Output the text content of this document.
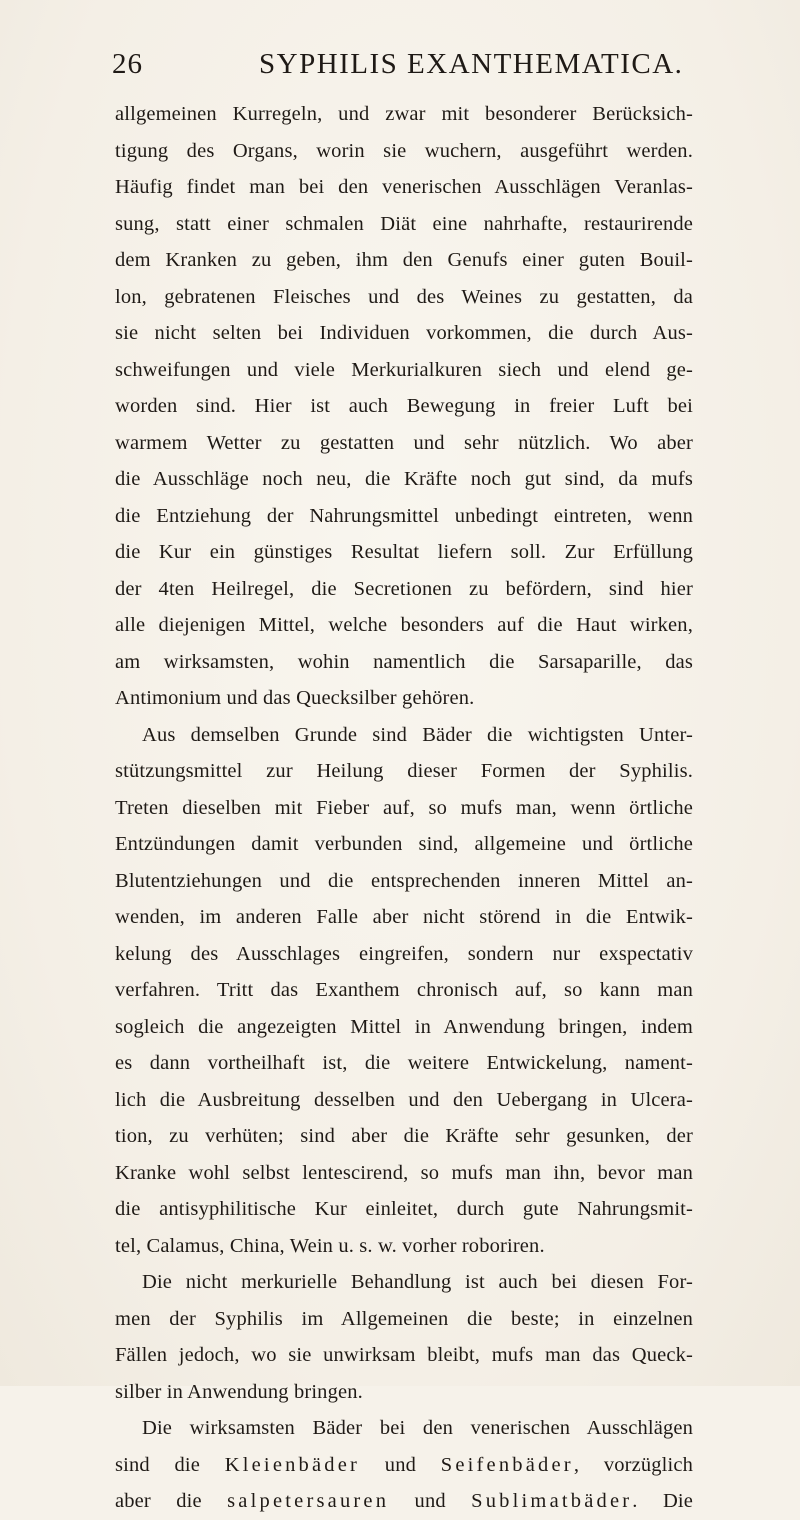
26	SYPHILIS EXANTHEMATICA.
allgemeinen Kurregeln, und zwar mit besonderer Berücksich-
tigung des Organs, worin sie wuchern, ausgeführt werden.
Häufig findet man bei den venerischen Ausschlägen Veranlas-
sung, statt einer schmalen Diät eine nahrhafte, restaurirende
dem Kranken zu geben, ihm den Genufs einer guten Bouil-
lon, gebratenen Fleisches und des Weines zu gestatten, da
sie nicht selten bei Individuen vorkommen, die durch Aus-
schweifungen und viele Merkurialkuren siech und elend ge-
worden sind. Hier ist auch Bewegung in freier Luft bei
warmem Wetter zu gestatten und sehr nützlich. Wo aber
die Ausschläge noch neu, die Kräfte noch gut sind, da mufs
die Entziehung der Nahrungsmittel unbedingt eintreten, wenn
die Kur ein günstiges Resultat liefern soll. Zur Erfüllung
der 4ten Heilregel, die Secretionen zu befördern, sind hier
alle diejenigen Mittel, welche besonders auf die Haut wirken,
am wirksamsten, wohin namentlich die Sarsaparille, das
Antimonium und das Quecksilber gehören.
Aus demselben Grunde sind Bäder die wichtigsten Unter-
stützungsmittel zur Heilung dieser Formen der Syphilis.
Treten dieselben mit Fieber auf, so mufs man, wenn örtliche
Entzündungen damit verbunden sind, allgemeine und örtliche
Blutentziehungen und die entsprechenden inneren Mittel an-
wenden, im anderen Falle aber nicht störend in die Entwik-
kelung des Ausschlages eingreifen, sondern nur exspectativ
verfahren. Tritt das Exanthem chronisch auf, so kann man
sogleich die angezeigten Mittel in Anwendung bringen, indem
es dann vortheilhaft ist, die weitere Entwickelung, nament-
lich die Ausbreitung desselben und den Uebergang in Ulcera-
tion, zu verhüten; sind aber die Kräfte sehr gesunken, der
Kranke wohl selbst lentescirend, so mufs man ihn, bevor man
die antisyphilitische Kur einleitet, durch gute Nahrungsmit-
tel, Calamus, China, Wein u. s. w. vorher roboriren.
Die nicht merkurielle Behandlung ist auch bei diesen For-
men der Syphilis im Allgemeinen die beste; in einzelnen
Fällen jedoch, wo sie unwirksam bleibt, mufs man das Queck-
silber in Anwendung bringen.
Die wirksamsten Bäder bei den venerischen Ausschlägen
sind die Kleienbäder und Seifenbäder, vorzüglich
aber die salpetersauren und Sublimatbäder. Die
